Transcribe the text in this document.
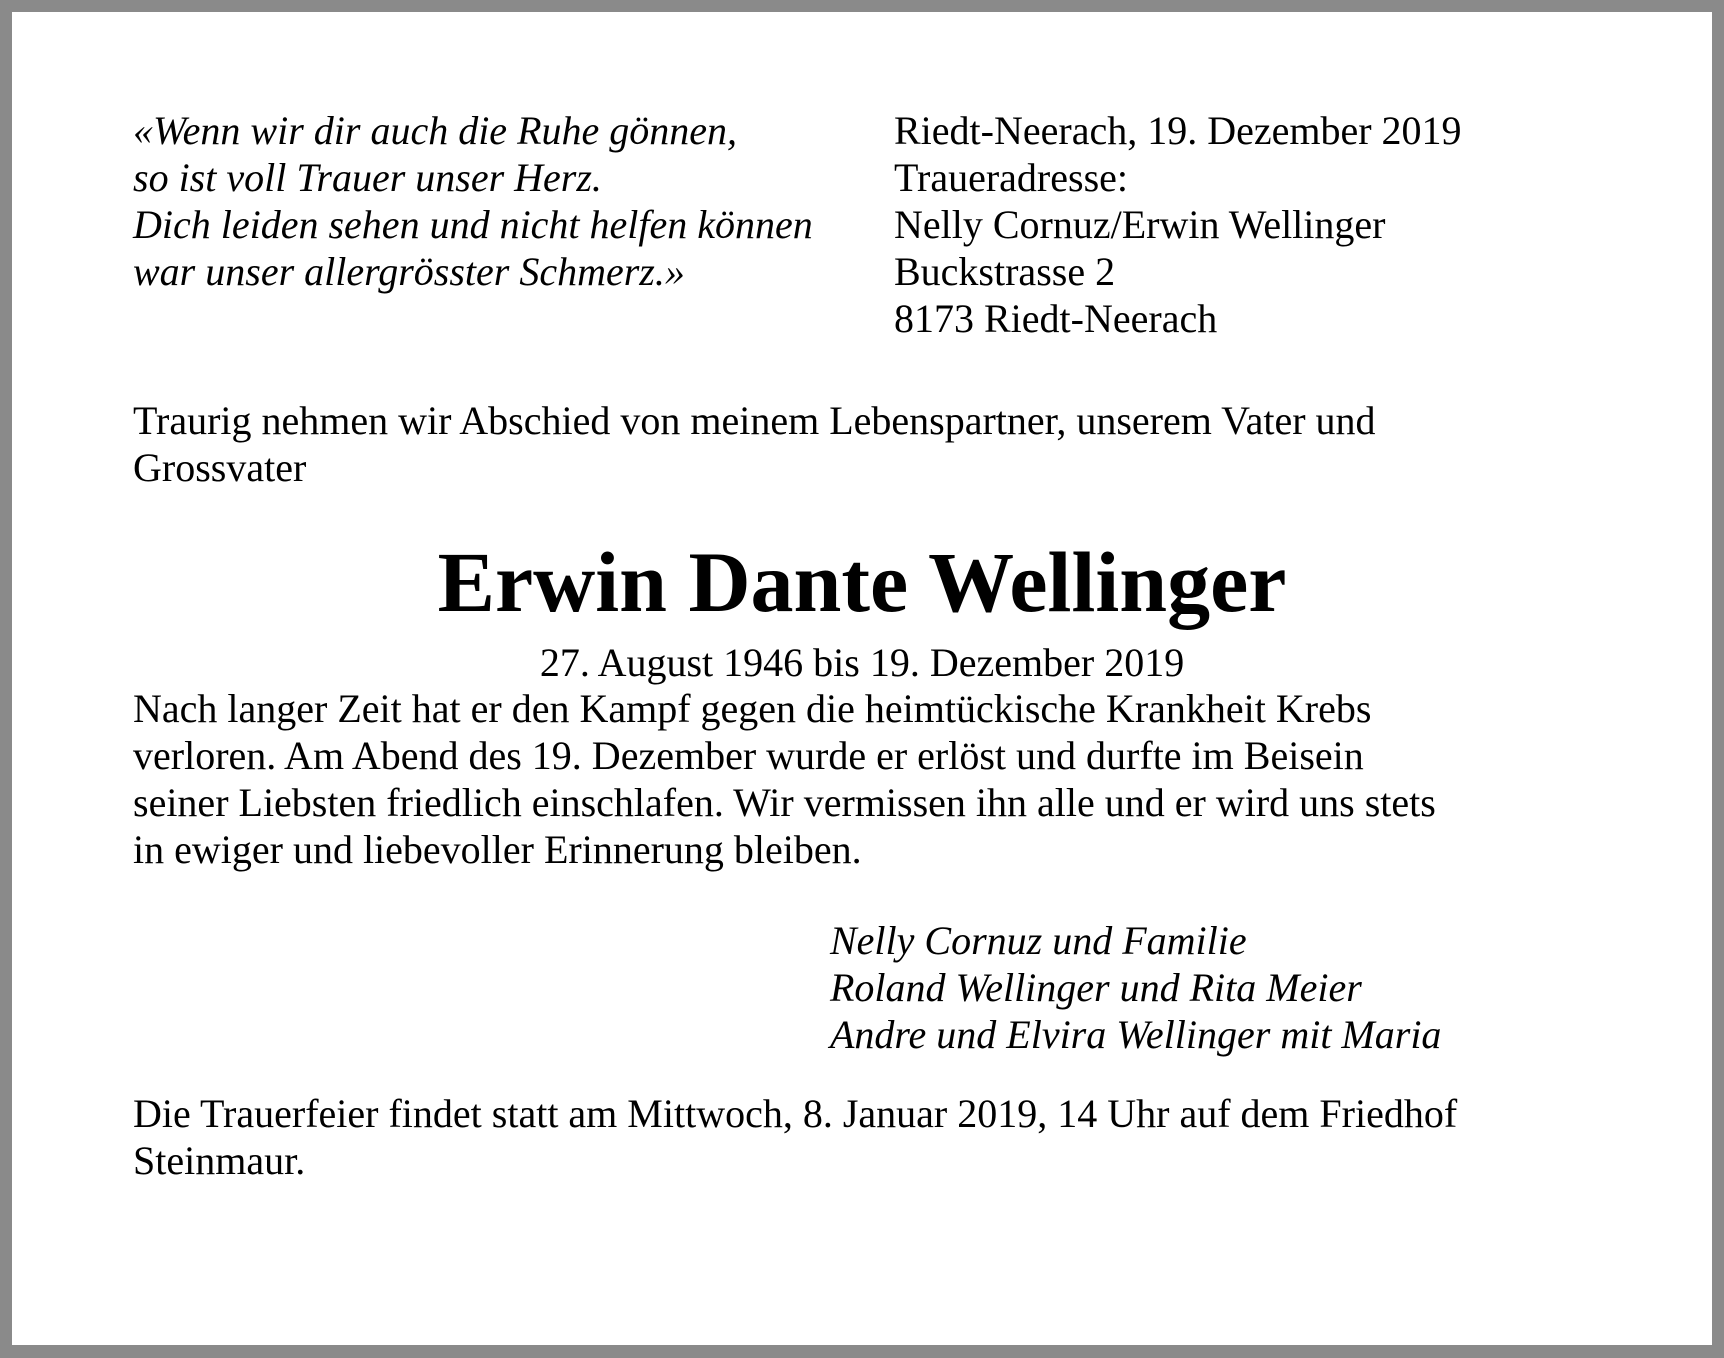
«Wenn wir dir auch die Ruhe gönnen,
so ist voll Trauer unser Herz.
Dich leiden sehen und nicht helfen können
war unser allergrösster Schmerz.»
Riedt-Neerach, 19. Dezember 2019
Traueradresse:
Nelly Cornuz/Erwin Wellinger
Buckstrasse 2
8173 Riedt-Neerach
Traurig nehmen wir Abschied von meinem Lebenspartner, unserem Vater und
Grossvater
Erwin Dante Wellinger
27. August 1946 bis 19. Dezember 2019
Nach langer Zeit hat er den Kampf gegen die heimtückische Krankheit Krebs
verloren. Am Abend des 19. Dezember wurde er erlöst und durfte im Beisein
seiner Liebsten friedlich einschlafen. Wir vermissen ihn alle und er wird uns stets
in ewiger und liebevoller Erinnerung bleiben.
Nelly Cornuz und Familie
Roland Wellinger und Rita Meier
Andre und Elvira Wellinger mit Maria
Die Trauerfeier findet statt am Mittwoch, 8. Januar 2019, 14 Uhr auf dem Friedhof
Steinmaur.
